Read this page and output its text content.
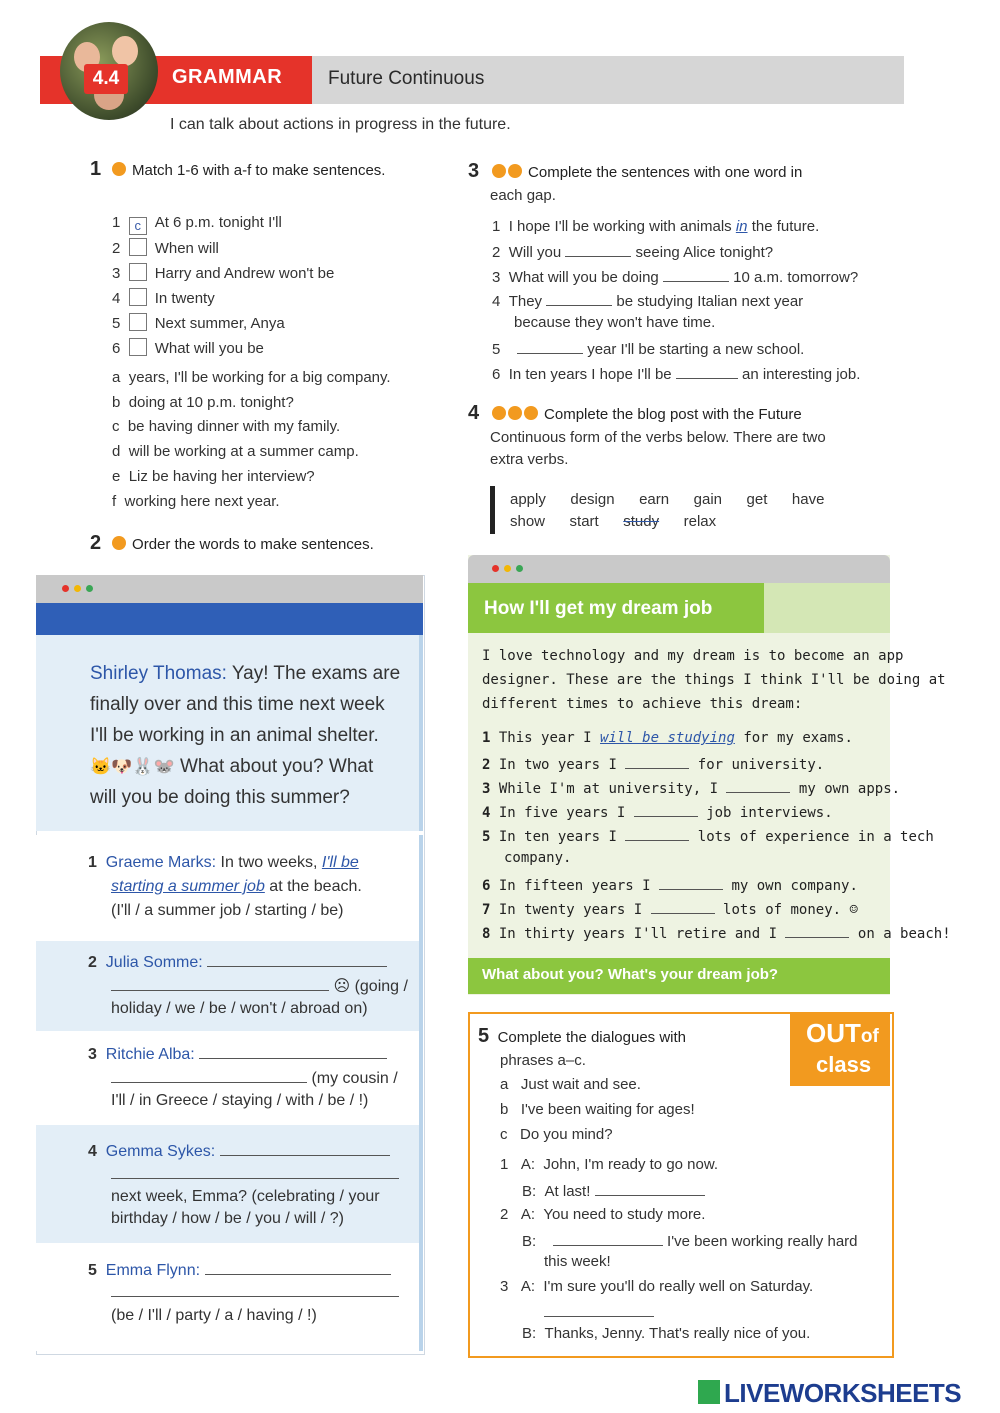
4.4	GRAMMAR Future Continuous
I can talk about actions in progress in the future.
1 Match 1-6 with a-f to make sentences.
1 c At 6 p.m. tonight I'll
2 When will
3 Harry and Andrew won't be
4 In twenty
5 Next summer, Anya
6 What will you be
a years, I'll be working for a big company.
b doing at 10 p.m. tonight?
c be having dinner with my family.
d will be working at a summer camp.
e Liz be having her interview?
f working here next year.
2 Order the words to make sentences.
Shirley Thomas: Yay! The exams are
finally over and this time next week
I'll be working in an animal shelter.
🐱🐶🐰🐭 What about you? What
will you be doing this summer?
1 Graeme Marks: In two weeks, I'll be
starting a summer job at the beach.
(I'll / a summer job / starting / be)
2 Julia Somme:
☹ (going /
holiday / we / be / won't / abroad on)
3 Ritchie Alba:
(my cousin /
I'll / in Greece / staying / with / be / !)
4 Gemma Sykes:
next week, Emma? (celebrating / your
birthday / how / be / you / will / ?)
5 Emma Flynn:
(be / I'll / party / a / having / !)
3	Complete the sentences with one word in
each gap.
1 I hope I'll be working with animals in the future.
2 Will you	seeing Alice tonight?
3 What will you be doing	10 a.m. tomorrow?
4 They	be studying Italian next year
because they won't have time.
5	year I'll be starting a new school.
6 In ten years I hope I'll be	an interesting job.
4	Complete the blog post with the Future
Continuous form of the verbs below. There are two
extra verbs.
apply design earn gain get have
show start study relax
How I'll get my dream job
I love technology and my dream is to become an app
designer. These are the things I think I'll be doing at
different times to achieve this dream:
1 This year I will be studying for my exams.
2 In two years I	for university.
3 While I'm at university, I	my own apps.
4 In five years I	job interviews.
5 In ten years I	lots of experience in a tech
company.
6 In fifteen years I	my own company.
7 In twenty years I	lots of money. ☺
8 In thirty years I'll retire and I	on a beach!
What about you? What's your dream job?
OUTof
class
5 Complete the dialogues with
phrases a–c.
a Just wait and see.
b I've been waiting for ages!
c Do you mind?
1 A: John, I'm ready to go now.
B: At last!
2 A: You need to study more.
B:	I've been working really hard
this week!
3 A: I'm sure you'll do really well on Saturday.
B: Thanks, Jenny. That's really nice of you.
LIVEWORKSHEETS
